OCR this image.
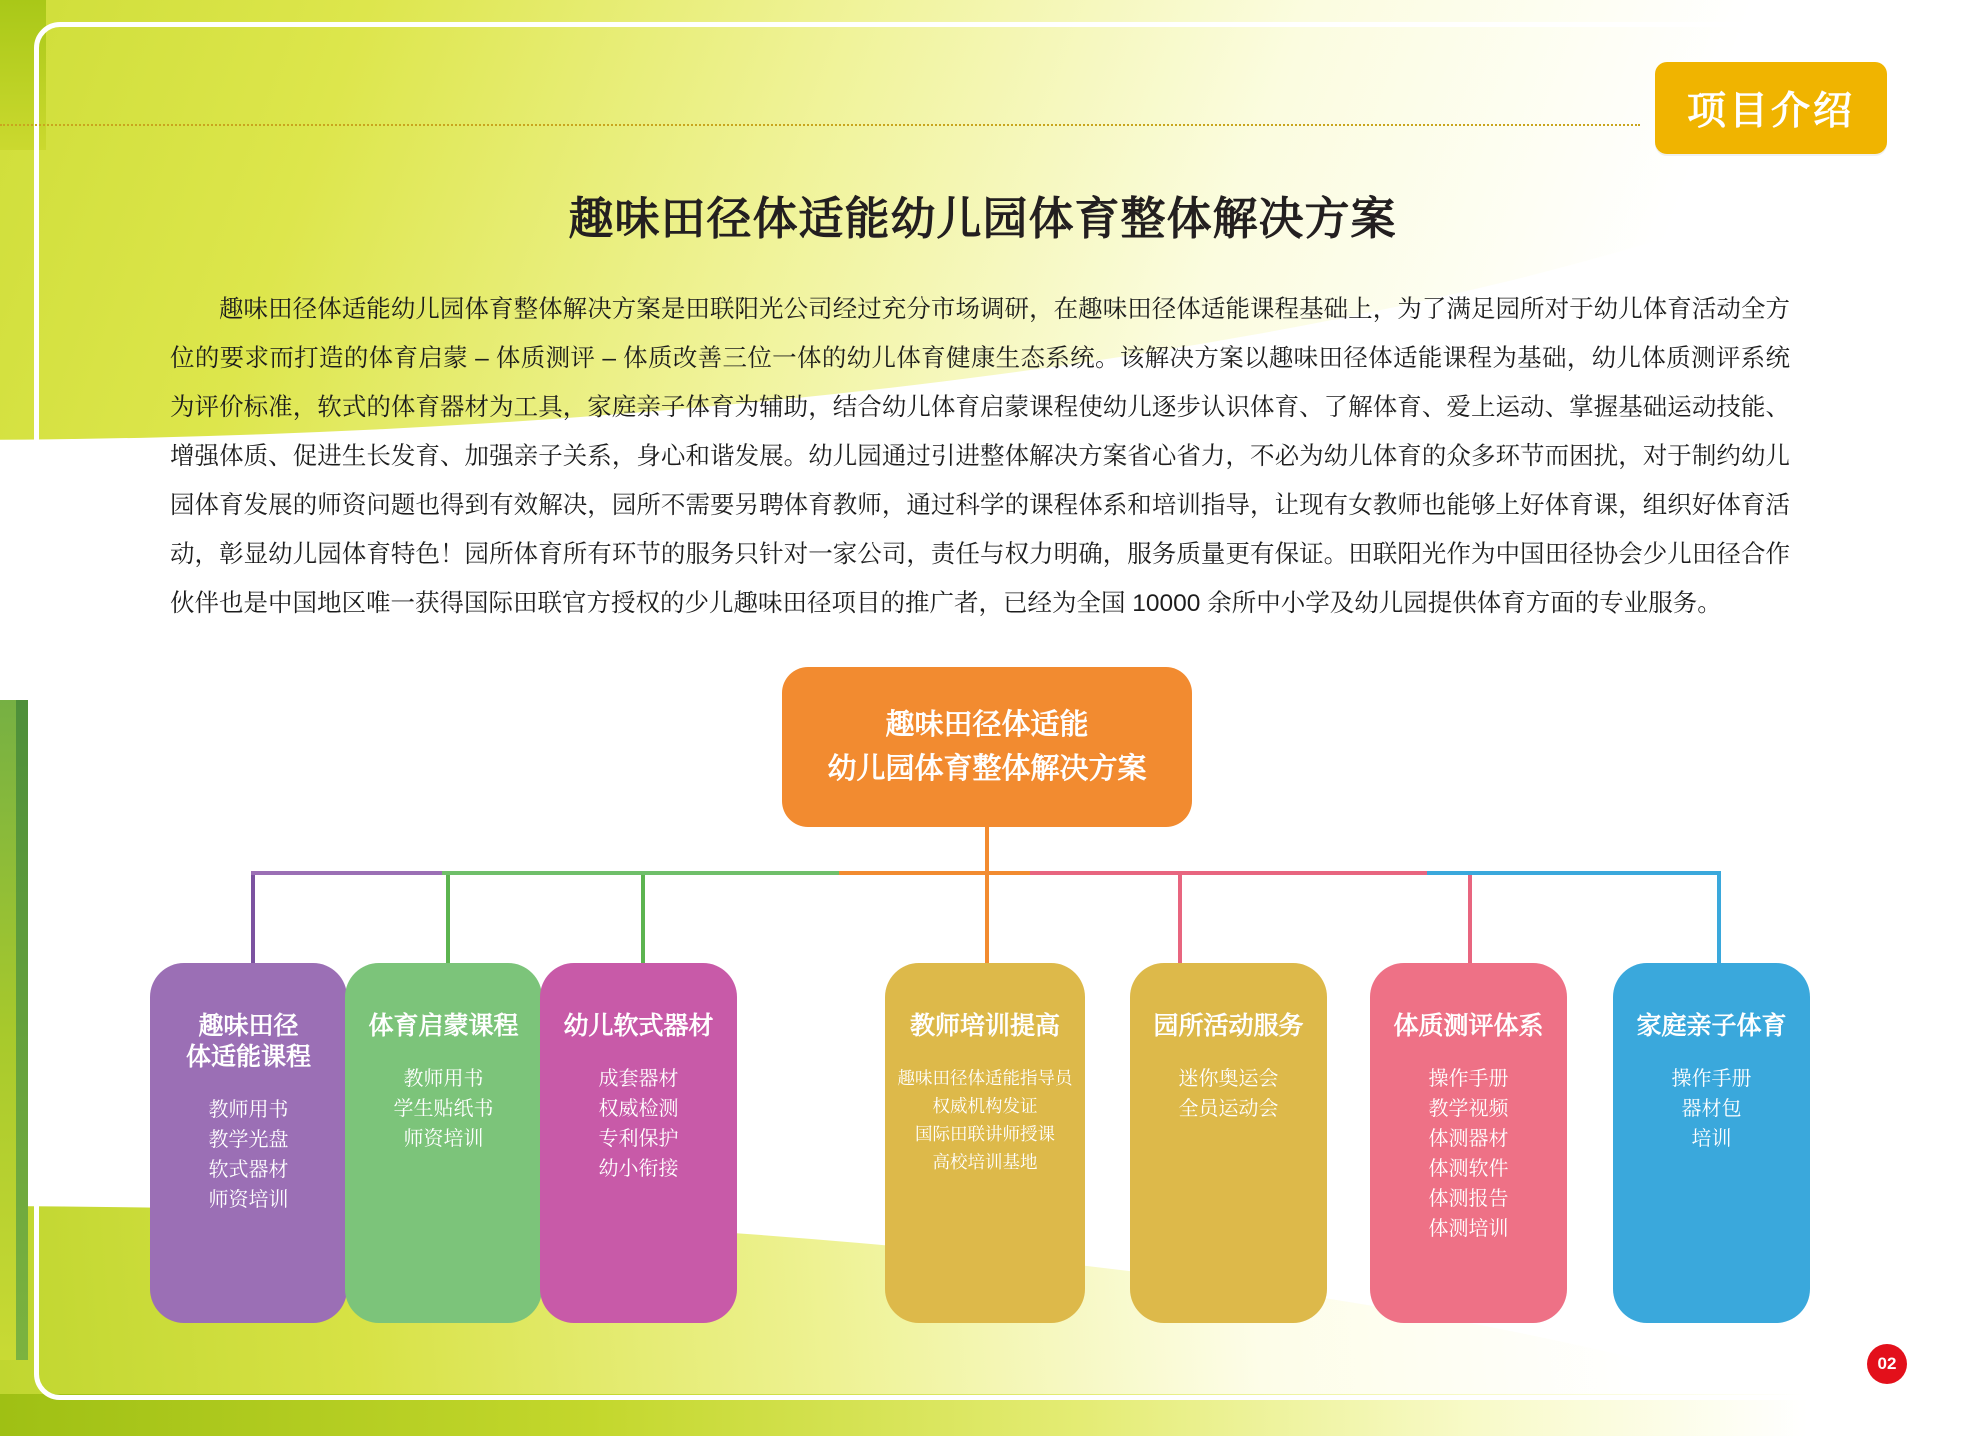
项目介绍
趣味田径体适能幼儿园体育整体解决方案

趣味田径体适能幼儿园体育整体解决方案是田联阳光公司经过充分市场调研，在趣味田径体适能课程基础上，为了满足园所对于幼儿体育活动全方位的要求而打造的体育启蒙 – 体质测评 – 体质改善三位一体的幼儿体育健康生态系统。该解决方案以趣味田径体适能课程为基础，幼儿体质测评系统为评价标准，软式的体育器材为工具，家庭亲子体育为辅助，结合幼儿体育启蒙课程使幼儿逐步认识体育、了解体育、爱上运动、掌握基础运动技能、增强体质、促进生长发育、加强亲子关系，身心和谐发展。幼儿园通过引进整体解决方案省心省力，不必为幼儿体育的众多环节而困扰，对于制约幼儿园体育发展的师资问题也得到有效解决，园所不需要另聘体育教师，通过科学的课程体系和培训指导，让现有女教师也能够上好体育课，组织好体育活动，彰显幼儿园体育特色！园所体育所有环节的服务只针对一家公司，责任与权力明确，服务质量更有保证。田联阳光作为中国田径协会少儿田径合作伙伴也是中国地区唯一获得国际田联官方授权的少儿趣味田径项目的推广者，已经为全国 10000 余所中小学及幼儿园提供体育方面的专业服务。

趣味田径体适能
幼儿园体育整体解决方案
趣味田径
体适能课程
教师用书
教学光盘
软式器材
师资培训
体育启蒙课程
教师用书
学生贴纸书
师资培训
幼儿软式器材
成套器材
权威检测
专利保护
幼小衔接
教师培训提高
趣味田径体适能指导员
权威机构发证
国际田联讲师授课
高校培训基地
园所活动服务
迷你奥运会
全员运动会
体质测评体系
操作手册
教学视频
体测器材
体测软件
体测报告
体测培训
家庭亲子体育
操作手册
器材包
培训
02
